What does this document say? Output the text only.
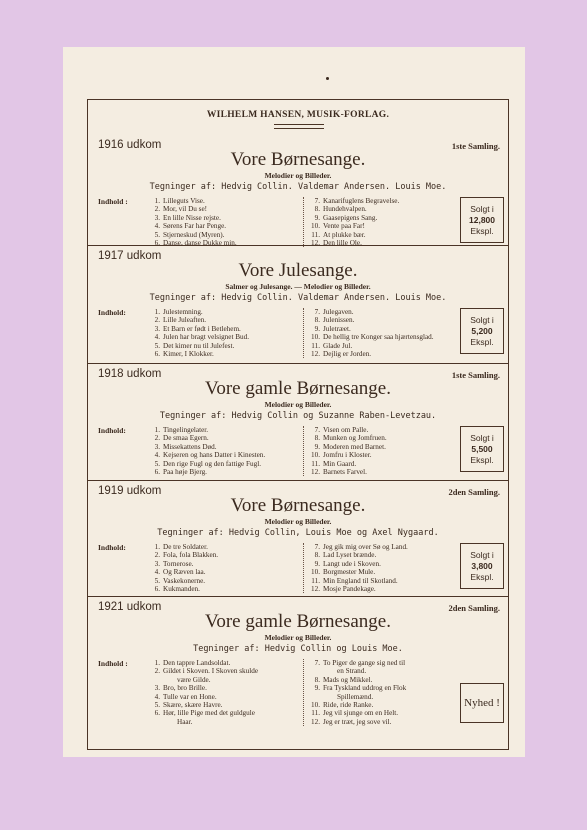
WILHELM HANSEN, MUSIK-FORLAG.
1916 udkom	1ste Samling.
Vore Børnesange.
Melodier og Billeder.
Tegninger af: Hedvig Collin. Valdemar Andersen. Louis Moe.
Indhold :	1. Lilleguts Vise.
2. Mor, vil Du se!
3. En lille Nisse rejste.
4. Sørens Far har Penge.
5. Stjerneskud (Myren).
6. Danse, danse Dukke min.
7. Kanarifuglens Begravelse.
8. Hundehvalpen.
9. Gaasepigens Sang.
10. Vente paa Far!
11. At plukke bær.
12. Den lille Ole.
Solgt i
12,800
Ekspl.
1917 udkom
Vore Julesange.
Salmer og Julesange. — Melodier og Billeder.
Tegninger af: Hedvig Collin. Valdemar Andersen. Louis Moe.
Indhold:	1. Julestemning.
2. Lille Juleaften.
3. Et Barn er født i Betlehem.
4. Julen har bragt velsignet Bud.
5. Det kimer nu til Julefest.
6. Kimer, I Klokker.
7. Julegaven.
8. Julenissen.
9. Juletræet.
10. De hellig tre Konger saa hjærtensglad.
11. Glade Jul.
12. Dejlig er Jorden.
Solgt i
5,200
Ekspl.
1918 udkom	1ste Samling.
Vore gamle Børnesange.
Melodier og Billeder.
Tegninger af: Hedvig Collin og Suzanne Raben-Levetzau.
Indhold:	1. Tingelingelater.
2. De smaa Egern.
3. Missekattens Død.
4. Kejseren og hans Datter i Kinesten.
5. Den rige Fugl og den fattige Fugl.
6. Paa høje Bjerg.
7. Visen om Palle.
8. Munken og Jomfruen.
9. Moderen med Barnet.
10. Jomfru i Kloster.
11. Min Gaard.
12. Barnets Farvel.
Solgt i
5,500
Ekspl.
1919 udkom	2den Samling.
Vore Børnesange.
Melodier og Billeder.
Tegninger af: Hedvig Collin, Louis Moe og Axel Nygaard.
Indhold:	1. De tre Soldater.
2. Fola, fola Blakken.
3. Tornerose.
4. Og Ræven laa.
5. Vaskekonerne.
6. Kukmanden.
7. Jeg gik mig over Sø og Land.
8. Lad Lyset brænde.
9. Langt ude i Skoven.
10. Borgmester Mule.
11. Min England til Skotland.
12. Mosje Pandekage.
Solgt i
3,800
Ekspl.
1921 udkom	2den Samling.
Vore gamle Børnesange.
Melodier og Billeder.
Tegninger af: Hedvig Collin og Louis Moe.
Indhold :	1. Den tappre Landsoldat.
2. Gildet i Skoven. I Skoven skulde
være Gilde.
3. Bro, bro Brille.
4. Tulle var en Hone.
5. Skære, skære Havre.
6. Hør, lille Pige med det guldgule
Haar.
7. To Piger de gange sig ned til
en Strand.
8. Mads og Mikkel.
9. Fra Tyskland uddrog en Flok
Spillemænd.
10. Ride, ride Ranke.
11. Jeg vil sjunge om en Helt.
12. Jeg er træt, jeg sove vil.
Nyhed !
